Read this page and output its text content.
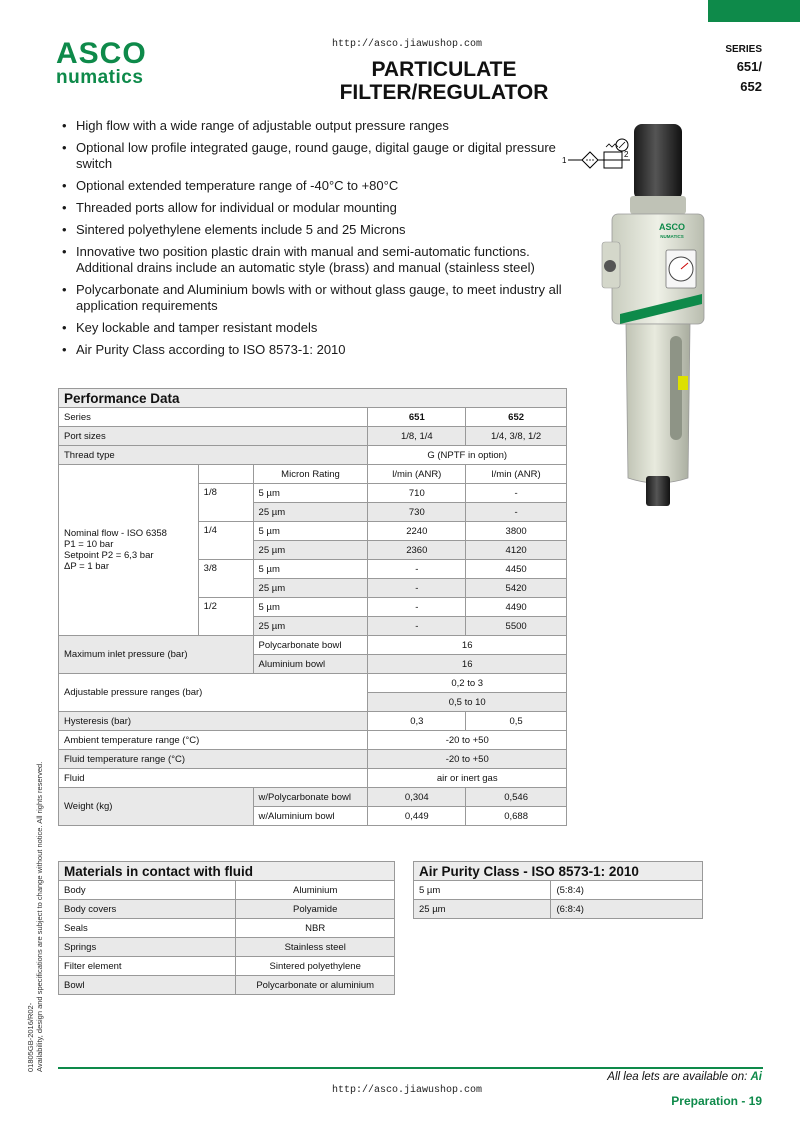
ASCO
numatics
http://asco.jiawushop.com
PARTICULATE
FILTER/REGULATOR
SERIES
651/
652
• High flow with a wide range of adjustable output pressure ranges
• Optional low profile integrated gauge, round gauge, digital gauge or digital pressure switch
• Optional extended temperature range of -40°C to +80°C
• Threaded ports allow for individual or modular mounting
• Sintered polyethylene elements include 5 and 25 Microns
• Innovative two position plastic drain with manual and semi-automatic functions. Additional drains include an automatic style (brass) and manual (stainless steel)
• Polycarbonate and Aluminium bowls with or without glass gauge, to meet industry all application requirements
• Key lockable and tamper resistant models
• Air Purity Class according to ISO 8573-1: 2010
1
2
ASCO
NUMATICS
Performance Data				
Series			651	652
Port sizes			1/8, 1/4	1/4, 3/8, 1/2
Thread type			G (NPTF in option)	

Nominal flow - ISO 6358
P1 = 10 bar
Setpoint P2 = 6,3 bar
ΔP = 1 bar		Micron Rating	l/min (ANR)	l/min (ANR)
	1/8	5 µm	710	-
		25 µm	730	-
	1/4	5 µm	2240	3800
		25 µm	2360	4120
	3/8	5 µm	-	4450
		25 µm	-	5420
	1/2	5 µm	-	4490
		25 µm	-	5500
Maximum inlet pressure (bar)		Polycarbonate bowl	16	
		Aluminium bowl	16	
Adjustable pressure ranges (bar)			0,2 to 3	
			0,5 to 10	
Hysteresis (bar)			0,3	0,5
Ambient temperature range (°C)			-20 to +50	
Fluid temperature range (°C)			-20 to +50	
Fluid			air or inert gas	
Weight (kg)		w/Polycarbonate bowl	0,304	0,546
		w/Aluminium bowl	0,449	0,688
Materials in contact with fluid	
Body	Aluminium
Body covers	Polyamide
Seals	NBR
Springs	Stainless steel
Filter element	Sintered polyethylene
Bowl	Polycarbonate or aluminium
Air Purity Class - ISO 8573-1: 2010	
5 µm	(5:8:4)
25 µm	(6:8:4)
01805GB-2016/R02- Availability, design and specifications are subject to change without notice. All rights reserved.
All lea lets are available on: Ai
http://asco.jiawushop.com
Preparation - 19
